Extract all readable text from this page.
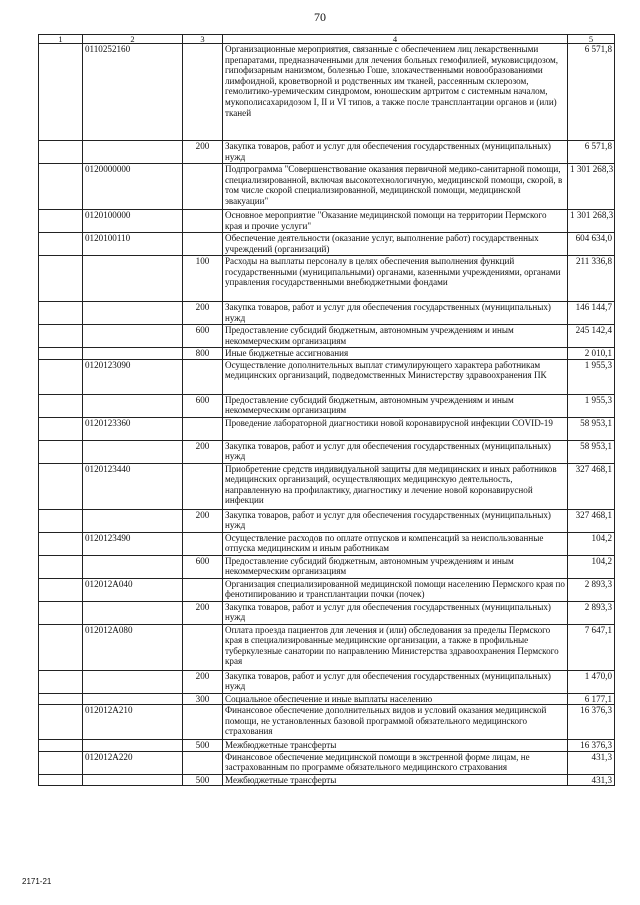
70
1	2	3	4	5
	0110252160		Организационные мероприятия, связанные с обеспечением лиц лекарственными препаратами, предназначенными для лечения больных гемофилией, муковисцидозом, гипофизарным нанизмом, болезнью Гоше, злокачественными новообразованиями лимфоидной, кроветворной и родственных им тканей, рассеянным склерозом, гемолитико-уремическим синдромом, юношеским артритом с системным началом, мукополисахаридозом I, II и VI типов, а также после трансплантации органов и (или) тканей	6 571,8
		200	Закупка товаров, работ и услуг для обеспечения государственных (муниципальных) нужд	6 571,8
	0120000000		Подпрограмма "Совершенствование оказания первичной медико-санитарной помощи, специализированной, включая высокотехнологичную, медицинской помощи, скорой, в том числе скорой специализированной, медицинской помощи, медицинской эвакуации"	1 301 268,3
	0120100000		Основное мероприятие "Оказание медицинской помощи на территории Пермского края и прочие услуги"	1 301 268,3
	0120100110		Обеспечение деятельности (оказание услуг, выполнение работ) государственных учреждений (организаций)	604 634,0
		100	Расходы на выплаты персоналу в целях обеспечения выполнения функций государственными (муниципальными) органами, казенными учреждениями, органами управления государственными внебюджетными фондами	211 336,8
		200	Закупка товаров, работ и услуг для обеспечения государственных (муниципальных) нужд	146 144,7
		600	Предоставление субсидий бюджетным, автономным учреждениям и иным некоммерческим организациям	245 142,4
		800	Иные бюджетные ассигнования	2 010,1
	0120123090		Осуществление дополнительных выплат стимулирующего характера работникам медицинских организаций, подведомственных Министерству здравоохранения ПК	1 955,3
		600	Предоставление субсидий бюджетным, автономным учреждениям и иным некоммерческим организациям	1 955,3
	0120123360		Проведение лабораторной диагностики новой коронавирусной инфекции COVID-19	58 953,1
		200	Закупка товаров, работ и услуг для обеспечения государственных (муниципальных) нужд	58 953,1
	0120123440		Приобретение средств индивидуальной защиты для медицинских и иных работников медицинских организаций, осуществляющих медицинскую деятельность, направленную на профилактику, диагностику и лечение новой коронавирусной инфекции	327 468,1
		200	Закупка товаров, работ и услуг для обеспечения государственных (муниципальных) нужд	327 468,1
	0120123490		Осуществление расходов по оплате отпусков и компенсаций за неиспользованные отпуска медицинским и иным работникам	104,2
		600	Предоставление субсидий бюджетным, автономным учреждениям и иным некоммерческим организациям	104,2
	012012А040		Организация специализированной медицинской помощи населению Пермского края по фенотипированию и трансплантации почки (почек)	2 893,3
		200	Закупка товаров, работ и услуг для обеспечения государственных (муниципальных) нужд	2 893,3
	012012А080		Оплата проезда пациентов для лечения и (или) обследования за пределы Пермского края в специализированные медицинские организации, а также в профильные туберкулезные санатории по направлению Министерства здравоохранения Пермского края	7 647,1
		200	Закупка товаров, работ и услуг для обеспечения государственных (муниципальных) нужд	1 470,0
		300	Социальное обеспечение и иные выплаты населению	6 177,1
	012012А210		Финансовое обеспечение дополнительных видов и условий оказания медицинской помощи, не установленных базовой программой обязательного медицинского страхования	16 376,3
		500	Межбюджетные трансферты	16 376,3
	012012А220		Финансовое обеспечение медицинской помощи в экстренной форме лицам, не застрахованным по программе обязательного медицинского страхования	431,3
		500	Межбюджетные трансферты	431,3
2171-21
